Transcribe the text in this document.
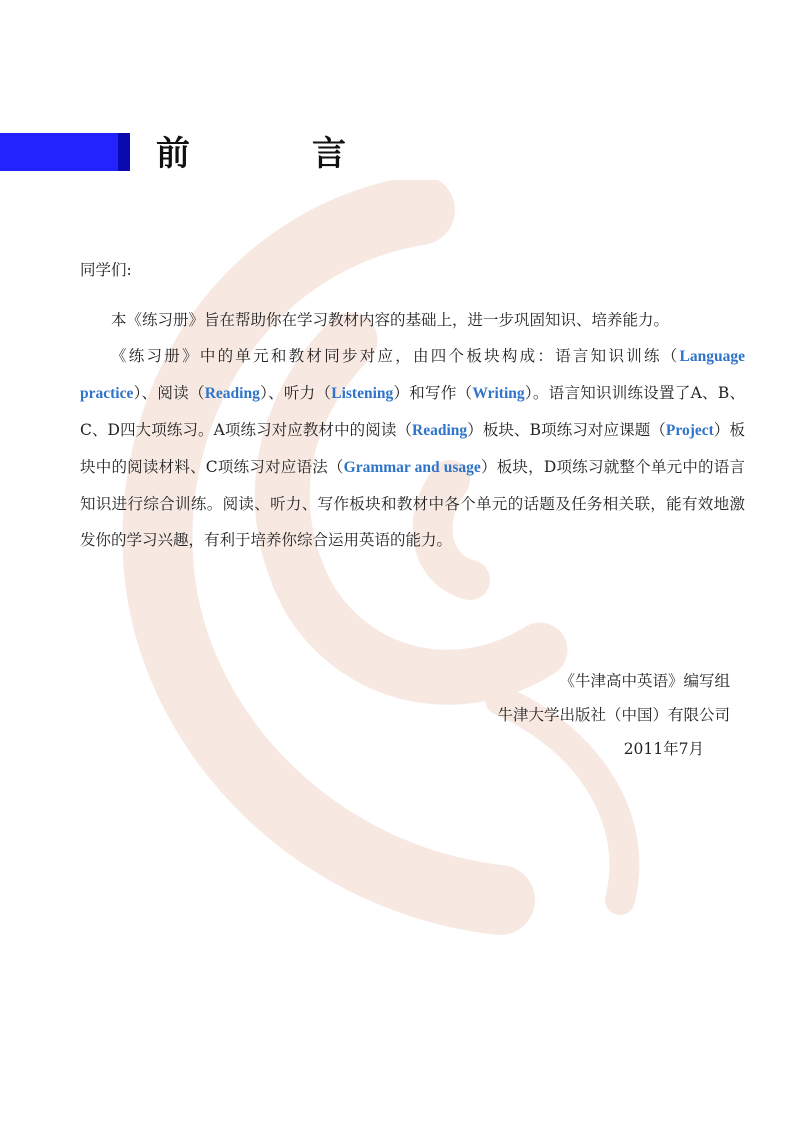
前　言

同学们:

本《练习册》旨在帮助你在学习教材内容的基础上，进一步巩固知识、培养能力。

《练习册》中的单元和教材同步对应，由四个板块构成：语言知识训练（Language practice）、阅读（Reading）、听力（Listening）和写作（Writing）。语言知识训练设置了A、B、C、D四大项练习。A项练习对应教材中的阅读（Reading）板块、B项练习对应课题（Project）板块中的阅读材料、C项练习对应语法（Grammar and usage）板块，D项练习就整个单元中的语言知识进行综合训练。阅读、听力、写作板块和教材中各个单元的话题及任务相关联，能有效地激发你的学习兴趣，有利于培养你综合运用英语的能力。

《牛津高中英语》编写组
牛津大学出版社（中国）有限公司
2011年7月
